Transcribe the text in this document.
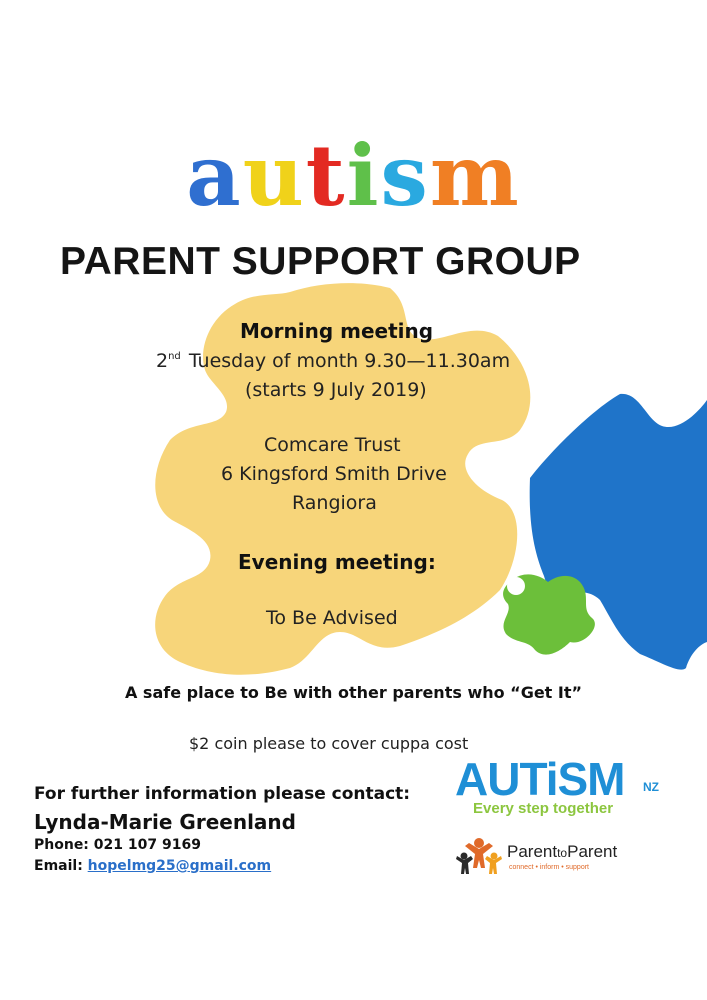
autism
PARENT SUPPORT GROUP
Morning meeting
2nd Tuesday of month 9.30—11.30am
(starts 9 July 2019)
Comcare Trust
6 Kingsford Smith Drive
Rangiora
Evening meeting:
To Be Advised
A safe place to Be with other parents who “Get It”
$2 coin please to cover cuppa cost
For further information please contact:
Lynda-Marie Greenland
Phone: 021 107 9169
Email: hopelmg25@gmail.com
AUTiSM NZ
Every step together
ParenttoParent
connect • inform • support
